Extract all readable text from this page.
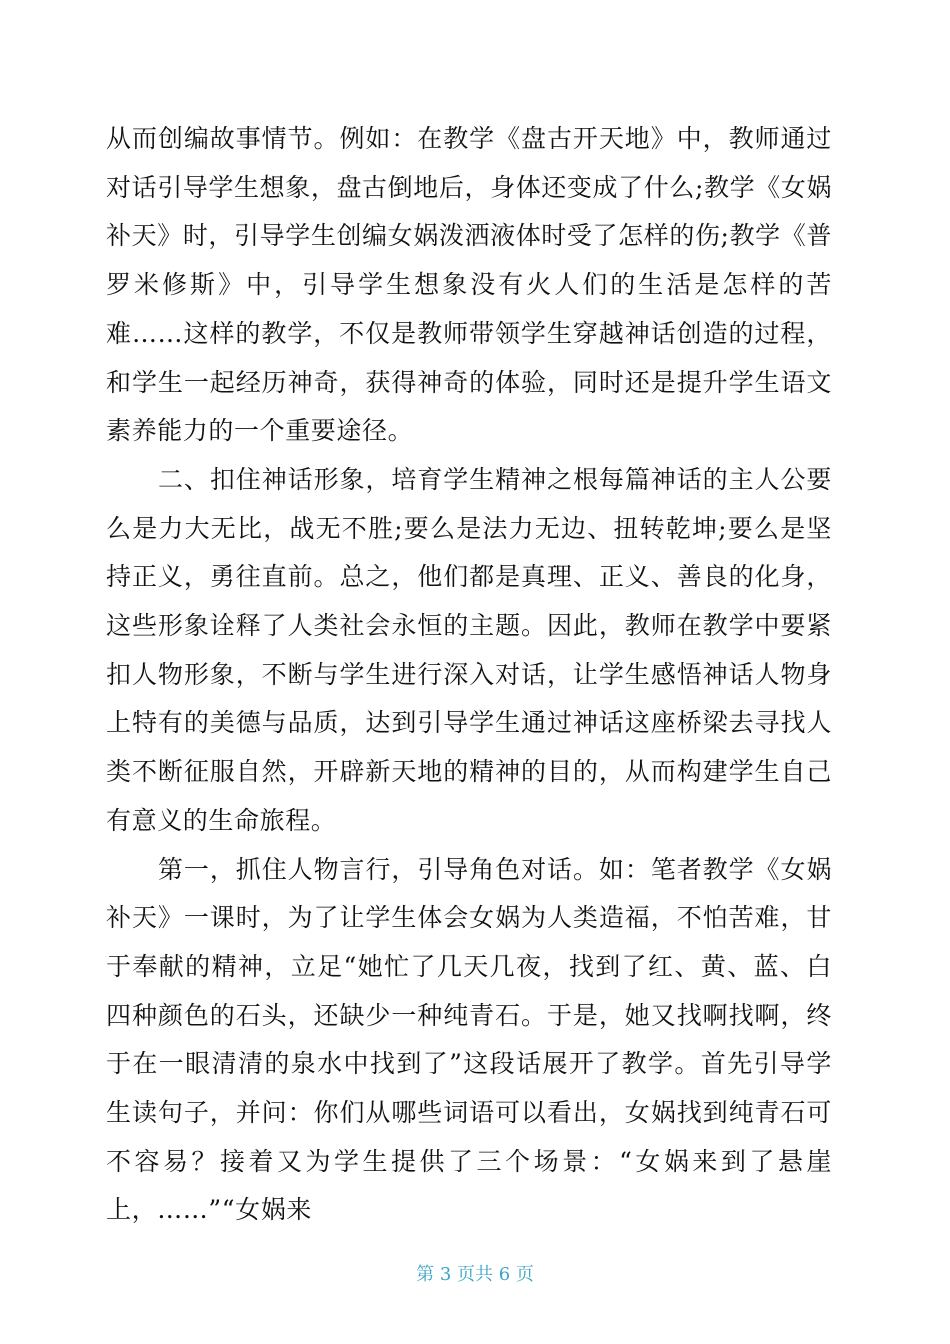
从而创编故事情节。例如：在教学《盘古开天地》中，教师通过对话引导学生想象，盘古倒地后，身体还变成了什么;教学《女娲补天》时，引导学生创编女娲泼洒液体时受了怎样的伤;教学《普罗米修斯》中，引导学生想象没有火人们的生活是怎样的苦难……这样的教学，不仅是教师带领学生穿越神话创造的过程，和学生一起经历神奇，获得神奇的体验，同时还是提升学生语文素养能力的一个重要途径。

二、扣住神话形象，培育学生精神之根每篇神话的主人公要么是力大无比，战无不胜;要么是法力无边、扭转乾坤;要么是坚持正义，勇往直前。总之，他们都是真理、正义、善良的化身，这些形象诠释了人类社会永恒的主题。因此，教师在教学中要紧扣人物形象，不断与学生进行深入对话，让学生感悟神话人物身上特有的美德与品质，达到引导学生通过神话这座桥梁去寻找人类不断征服自然，开辟新天地的精神的目的，从而构建学生自己有意义的生命旅程。

第一，抓住人物言行，引导角色对话。如：笔者教学《女娲补天》一课时，为了让学生体会女娲为人类造福，不怕苦难，甘于奉献的精神，立足“她忙了几天几夜，找到了红、黄、蓝、白四种颜色的石头，还缺少一种纯青石。于是，她又找啊找啊，终于在一眼清清的泉水中找到了”这段话展开了教学。首先引导学生读句子，并问：你们从哪些词语可以看出，女娲找到纯青石可不容易？接着又为学生提供了三个场景：“女娲来到了悬崖上，……”“女娲来

第 3 页共 6 页
